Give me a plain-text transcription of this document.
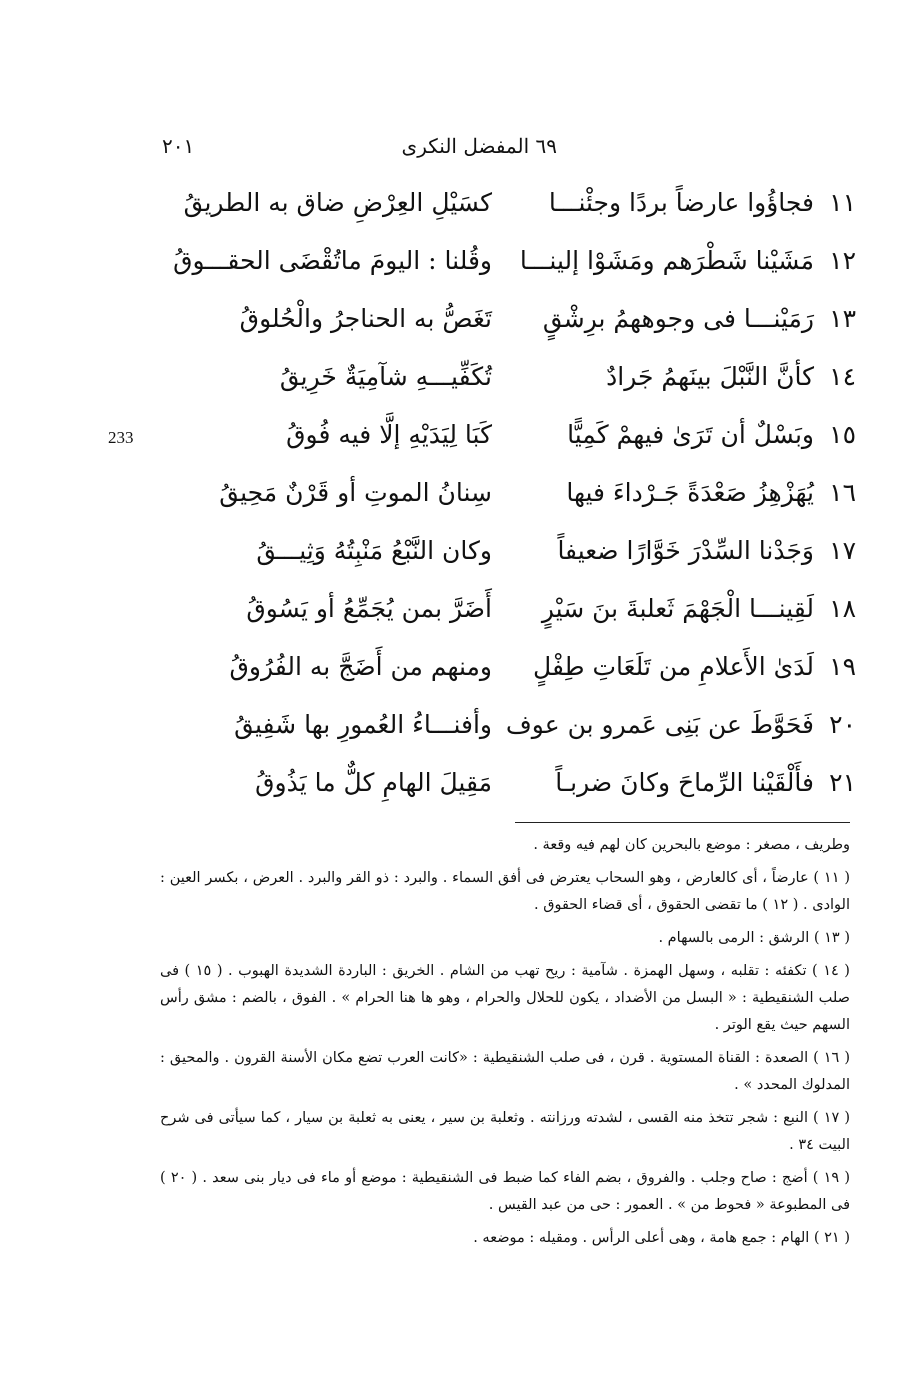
٢٠١	٦٩ المفضل النكرى
233
١١
فجاؤُوا عارضاً بردًا وجئْنـــا
كسَيْلِ العِرْضِ ضاق به الطريقُ
١٢
مَشَيْنا شَطْرَهم ومَشَوْا إلينـــا
وقُلنا : اليومَ ماتُقْضَى الحقـــوقُ
١٣
رَمَيْنـــا فى وجوههمُ برِشْقٍ
تَغَصُّ به الحناجرُ والْحُلوقُ
١٤
كأنَّ النَّبْلَ بينَهمُ جَرادٌ
تُكَفِّيـــهِ شآمِيَةٌ خَرِيقُ
١٥
وبَسْلٌ أن تَرَىٰ فيهمْ كَمِيًّا
كَبَا لِيَدَيْهِ إلَّا فيه فُوقُ
١٦
يُهَزْهِزُ صَعْدَةً جَـرْداءَ فيها
سِنانُ الموتِ أو قَرْنٌ مَحِيقُ
١٧
وَجَدْنا السِّدْرَ خَوَّارًا ضعيفاً
وكان النَّبْعُ مَنْبِتُهُ وَثِيـــقُ
١٨
لَقِينـــا الْجَهْمَ ثَعلبةَ بنَ سَيْرٍ
أَضَرَّ بمن يُجَمِّعُ أو يَسُوقُ
١٩
لَدَىٰ الأَعلامِ من تَلَعَاتِ طِفْلٍ
ومنهم من أَضَجَّ به الفُرُوقُ
٢٠
فَحَوَّطَ عن بَنِى عَمرو بن عوف
وأفنـــاءُ العُمورِ بها شَفِيقُ
٢١
فأَلْقَيْنا الرِّماحَ وكانَ ضربـاً
مَقِيلَ الهامِ كلٌّ ما يَذُوقُ

وطريف ، مصغر : موضع بالبحرين كان لهم فيه وقعة .

( ١١ ) عارضاً ، أى كالعارض ، وهو السحاب يعترض فى أفق السماء . والبرد : ذو القر والبرد . العرض ، بكسر العين : الوادى . ( ١٢ ) ما تقضى الحقوق ، أى قضاء الحقوق .

( ١٣ ) الرشق : الرمى بالسهام .

( ١٤ ) تكفئه : تقلبه ، وسهل الهمزة . شآمية : ريح تهب من الشام . الخريق : الباردة الشديدة الهبوب . ( ١٥ ) فى صلب الشنقيطية : « البسل من الأضداد ، يكون للحلال والحرام ، وهو ها هنا الحرام » . الفوق ، بالضم : مشق رأس السهم حيث يقع الوتر .

( ١٦ ) الصعدة : القناة المستوية . قرن ، فى صلب الشنقيطية : «كانت العرب تضع مكان الأسنة القرون . والمحيق : المدلوك المحدد » .

( ١٧ ) النبع : شجر تتخذ منه القسى ، لشدته ورزانته . وثعلبة بن سير ، يعنى به ثعلبة بن سيار ، كما سيأتى فى شرح البيت ٣٤ .

( ١٩ ) أضج : صاح وجلب . والفروق ، بضم الفاء كما ضبط فى الشنقيطية : موضع أو ماء فى ديار بنى سعد . ( ٢٠ ) فى المطبوعة « فحوط من » . العمور : حى من عبد القيس .

( ٢١ ) الهام : جمع هامة ، وهى أعلى الرأس . ومقيله : موضعه .
